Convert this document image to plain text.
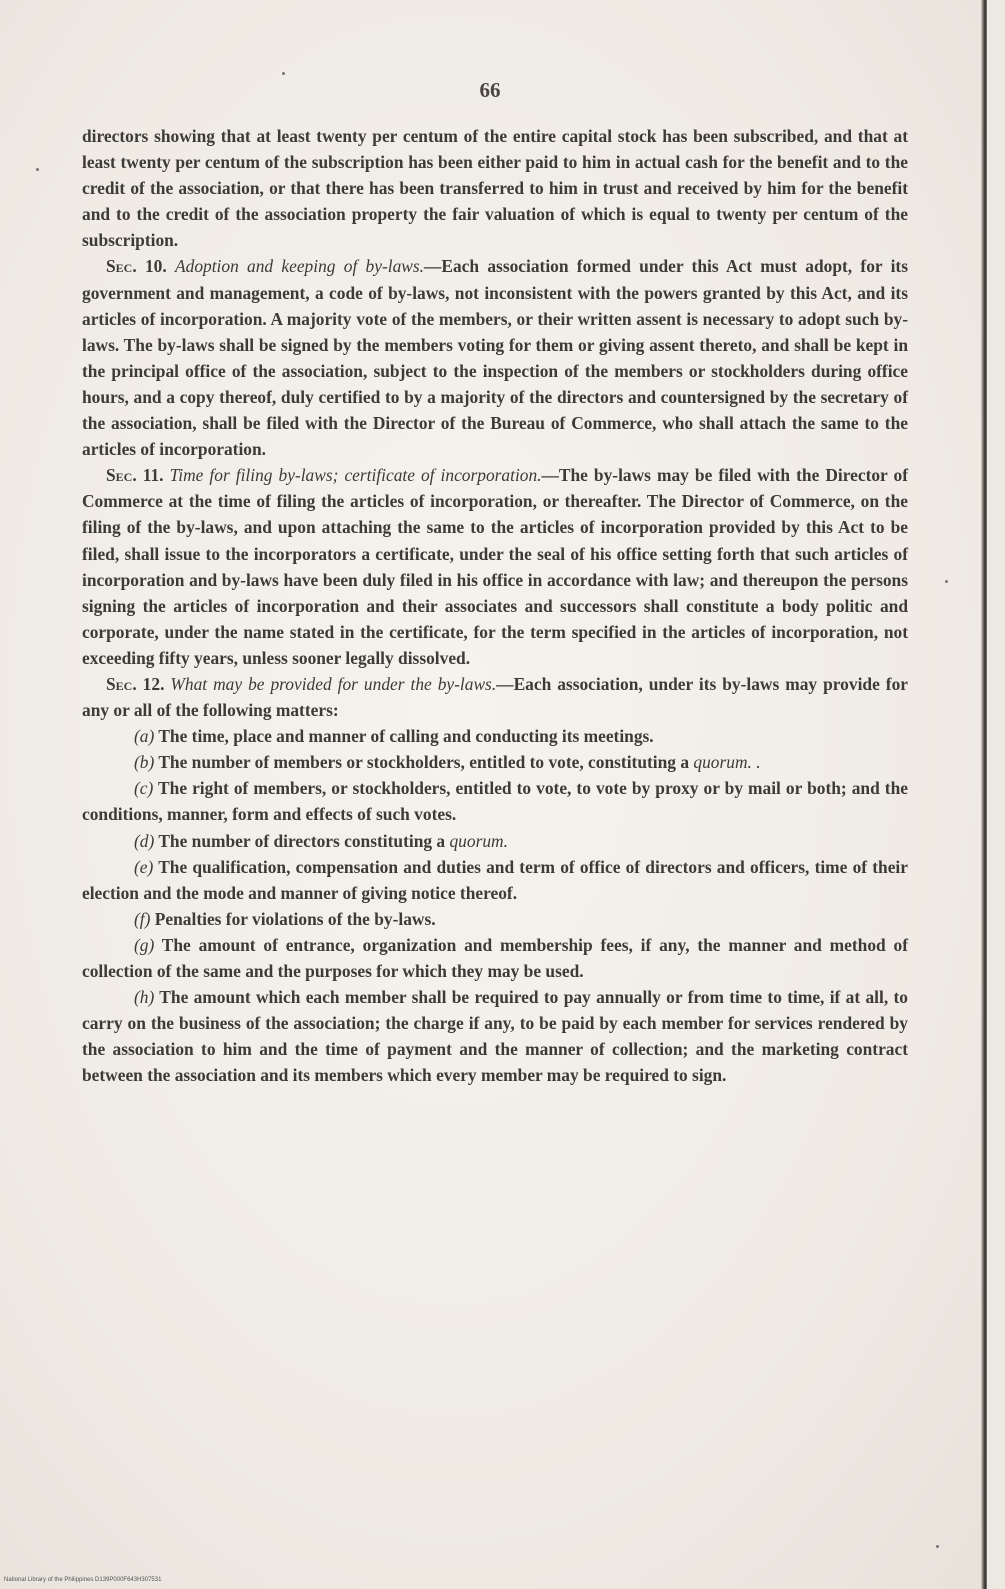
66

directors showing that at least twenty per centum of the entire capital stock has been subscribed, and that at least twenty per centum of the subscription has been either paid to him in actual cash for the benefit and to the credit of the association, or that there has been transferred to him in trust and received by him for the benefit and to the credit of the association property the fair valuation of which is equal to twenty per centum of the subscription.

Sec. 10. Adoption and keeping of by-laws.—Each association formed under this Act must adopt, for its government and management, a code of by-laws, not inconsistent with the powers granted by this Act, and its articles of incorporation. A majority vote of the members, or their written assent is necessary to adopt such by-laws. The by-laws shall be signed by the members voting for them or giving assent thereto, and shall be kept in the principal office of the association, subject to the inspection of the members or stockholders during office hours, and a copy thereof, duly certified to by a majority of the directors and countersigned by the secretary of the association, shall be filed with the Director of the Bureau of Commerce, who shall attach the same to the articles of incorporation.

Sec. 11. Time for filing by-laws; certificate of incorporation.—The by-laws may be filed with the Director of Commerce at the time of filing the articles of incorporation, or thereafter. The Director of Commerce, on the filing of the by-laws, and upon attaching the same to the articles of incorporation provided by this Act to be filed, shall issue to the incorporators a certificate, under the seal of his office setting forth that such articles of incorporation and by-laws have been duly filed in his office in accordance with law; and thereupon the persons signing the articles of incorporation and their associates and successors shall constitute a body politic and corporate, under the name stated in the certificate, for the term specified in the articles of incorporation, not exceeding fifty years, unless sooner legally dissolved.

Sec. 12. What may be provided for under the by-laws.—Each association, under its by-laws may provide for any or all of the following matters:

(a) The time, place and manner of calling and conducting its meetings.

(b) The number of members or stockholders, entitled to vote, constituting a quorum. .

(c) The right of members, or stockholders, entitled to vote, to vote by proxy or by mail or both; and the conditions, manner, form and effects of such votes.

(d) The number of directors constituting a quorum.

(e) The qualification, compensation and duties and term of office of directors and officers, time of their election and the mode and manner of giving notice thereof.

(f) Penalties for violations of the by-laws.

(g) The amount of entrance, organization and membership fees, if any, the manner and method of collection of the same and the purposes for which they may be used.

(h) The amount which each member shall be required to pay annually or from time to time, if at all, to carry on the business of the association; the charge if any, to be paid by each member for services rendered by the association to him and the time of payment and the manner of collection; and the marketing contract between the association and its members which every member may be required to sign.

National Library of the Philippines D139P000F643H307531
